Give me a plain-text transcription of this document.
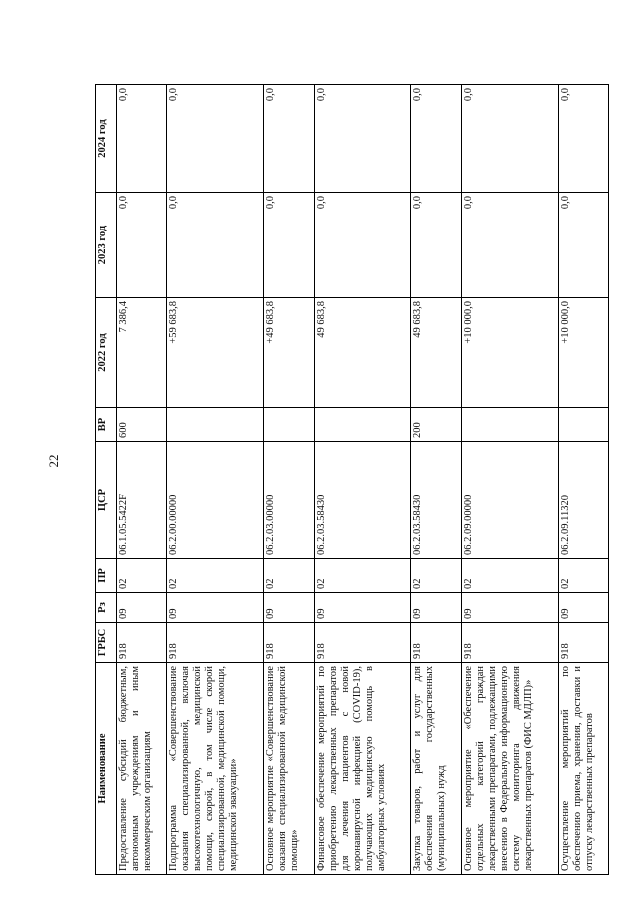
22
Наименование	ГРБС	Рз	ПР	ЦСР	ВР	2022 год	2023 год	2024 год
Предоставление субсидий бюджетным, автономным учреждениям и иным некоммерческим организациям	918	09	02	06.1.05.5422F	600	7 386,4	0,0	0,0
Подпрограмма «Совершенствование оказания специализированной, включая высокотехнологичную, медицинской помощи, скорой, в том числе скорой специализированной, медицинской помощи, медицинской эвакуации»	918	09	02	06.2.00.00000		+59 683,8	0,0	0,0
Основное мероприятие «Совершенствование оказания специализированной медицинской помощи»	918	09	02	06.2.03.00000		+49 683,8	0,0	0,0
Финансовое обеспечение мероприятий по приобретению лекарственных препаратов для лечения пациентов с новой коронавирусной инфекцией (COVID-19), получающих медицинскую помощь в амбулаторных условиях	918	09	02	06.2.03.58430		49 683,8	0,0	0,0
Закупка товаров, работ и услуг для обеспечения государственных (муниципальных) нужд	918	09	02	06.2.03.58430	200	49 683,8	0,0	0,0
Основное мероприятие «Обеспечение отдельных категорий граждан лекарственными препаратами, подлежащими внесению в Федеральную информационную систему мониторинга движения лекарственных препаратов (ФИС МДЛП)»	918	09	02	06.2.09.00000		+10 000,0	0,0	0,0
Осуществление мероприятий по обеспечению приема, хранения, доставки и отпуску лекарственных препаратов	918	09	02	06.2.09.11320		+10 000,0	0,0	0,0
